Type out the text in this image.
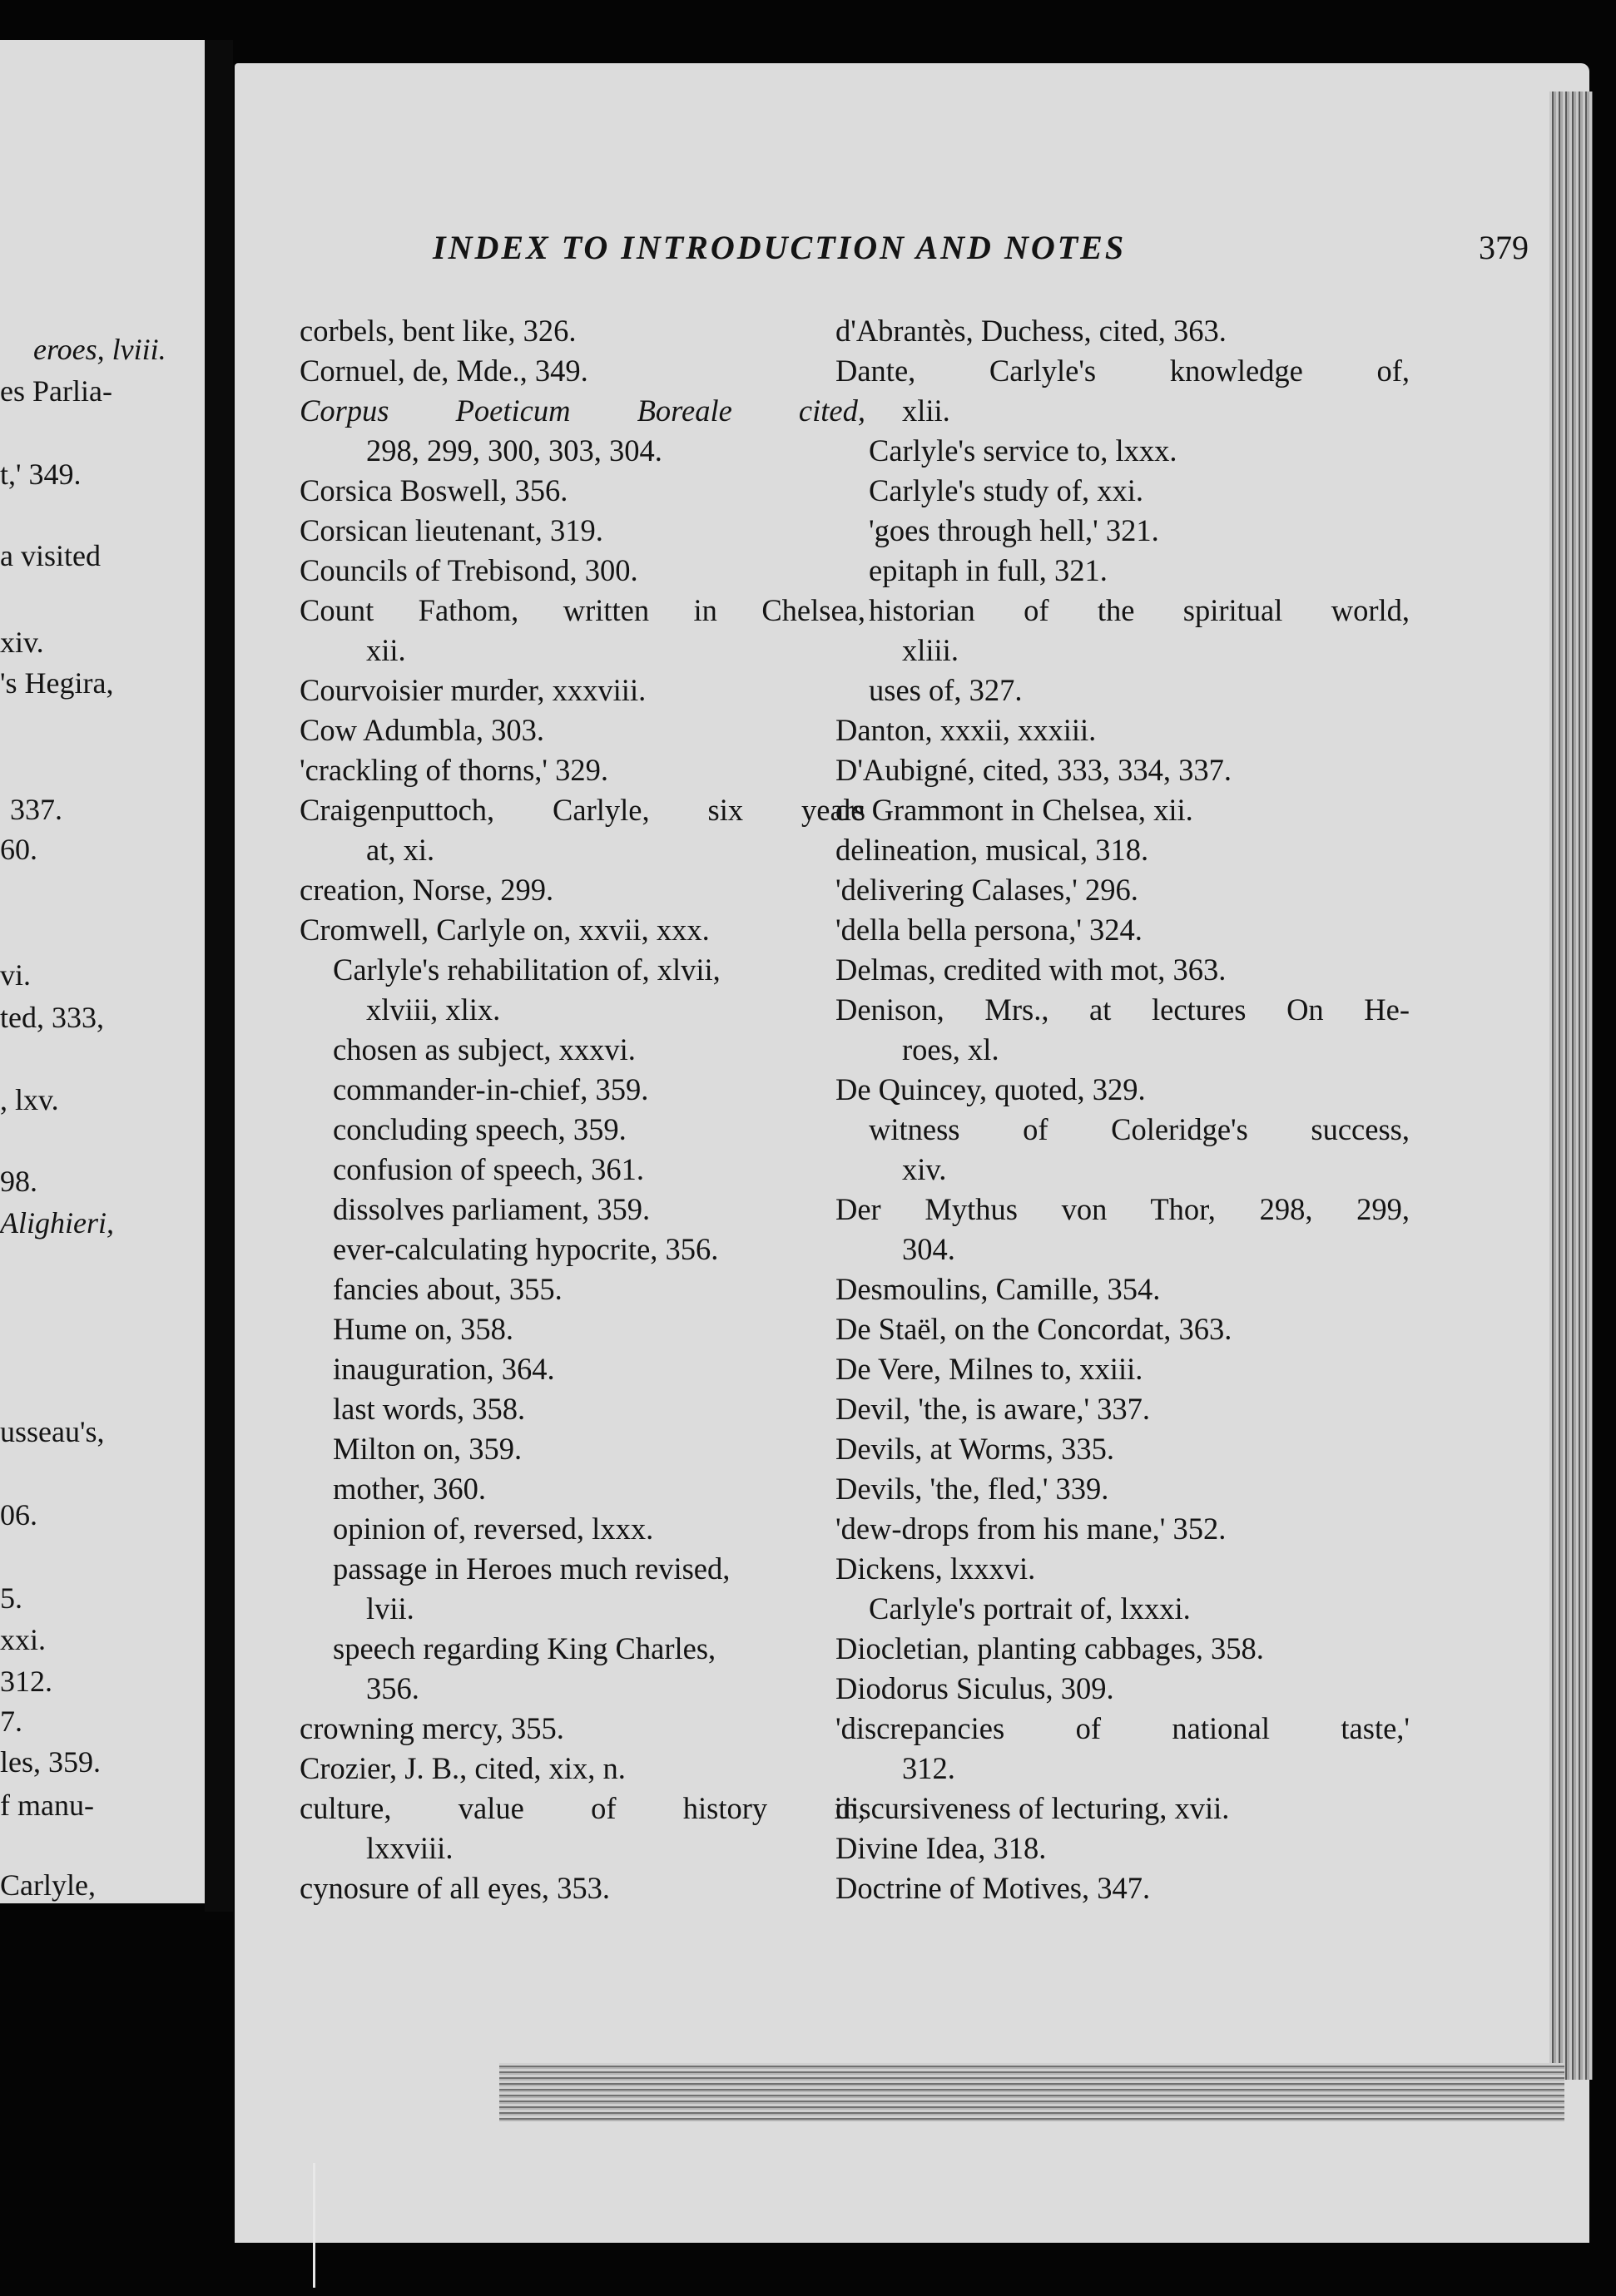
eroes, lviii.
es Parlia-
t,' 349.
a visited
xiv.
's Hegira,
337.
60.
vi.
ted, 333,
, lxv.
98.
Alighieri,
usseau's,
06.
5.
xxi.
312.
7.
les, 359.
f manu-
Carlyle,
INDEX TO INTRODUCTION AND NOTES	379
corbels, bent like, 326.
Cornuel, de, Mde., 349.
Corpus Poeticum Boreale cited,
298, 299, 300, 303, 304.
Corsica Boswell, 356.
Corsican lieutenant, 319.
Councils of Trebisond, 300.
Count Fathom, written in Chelsea,
xii.
Courvoisier murder, xxxviii.
Cow Adumbla, 303.
'crackling of thorns,' 329.
Craigenputtoch, Carlyle, six years
at, xi.
creation, Norse, 299.
Cromwell, Carlyle on, xxvii, xxx.
Carlyle's rehabilitation of, xlvii,
xlviii, xlix.
chosen as subject, xxxvi.
commander-in-chief, 359.
concluding speech, 359.
confusion of speech, 361.
dissolves parliament, 359.
ever-calculating hypocrite, 356.
fancies about, 355.
Hume on, 358.
inauguration, 364.
last words, 358.
Milton on, 359.
mother, 360.
opinion of, reversed, lxxx.
passage in Heroes much revised,
lvii.
speech regarding King Charles,
356.
crowning mercy, 355.
Crozier, J. B., cited, xix, n.
culture, value of history in,
lxxviii.
cynosure of all eyes, 353.
d'Abrantès, Duchess, cited, 363.
Dante, Carlyle's knowledge of,
xlii.
Carlyle's service to, lxxx.
Carlyle's study of, xxi.
'goes through hell,' 321.
epitaph in full, 321.
historian of the spiritual world,
xliii.
uses of, 327.
Danton, xxxii, xxxiii.
D'Aubigné, cited, 333, 334, 337.
de Grammont in Chelsea, xii.
delineation, musical, 318.
'delivering Calases,' 296.
'della bella persona,' 324.
Delmas, credited with mot, 363.
Denison, Mrs., at lectures On He-
roes, xl.
De Quincey, quoted, 329.
witness of Coleridge's success,
xiv.
Der Mythus von Thor, 298, 299,
304.
Desmoulins, Camille, 354.
De Staël, on the Concordat, 363.
De Vere, Milnes to, xxiii.
Devil, 'the, is aware,' 337.
Devils, at Worms, 335.
Devils, 'the, fled,' 339.
'dew-drops from his mane,' 352.
Dickens, lxxxvi.
Carlyle's portrait of, lxxxi.
Diocletian, planting cabbages, 358.
Diodorus Siculus, 309.
'discrepancies of national taste,'
312.
discursiveness of lecturing, xvii.
Divine Idea, 318.
Doctrine of Motives, 347.
